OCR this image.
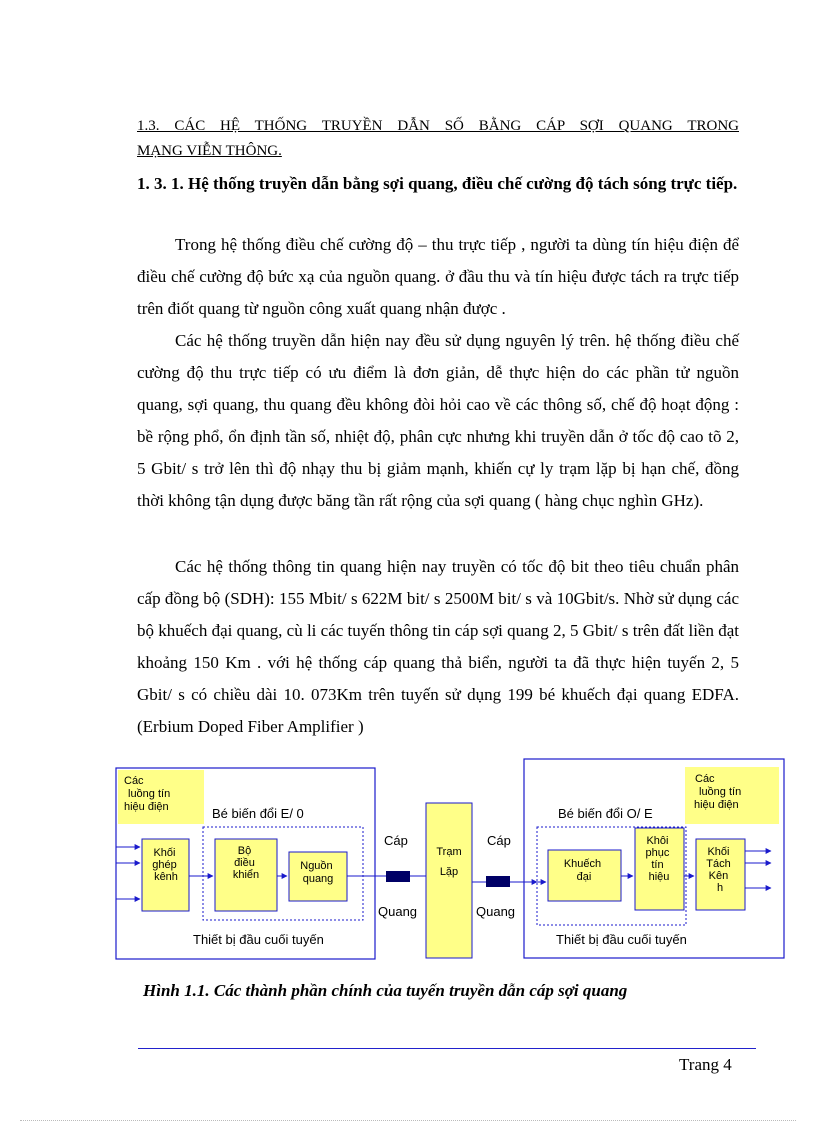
1.3. CÁC HỆ THỐNG TRUYỀN DẪN SỐ BẰNG CÁP SỢI QUANG TRONG
MẠNG VIỄN THÔNG.
1. 3. 1. Hệ thống truyền dẫn bằng sợi quang, điều chế cường độ tách sóng trực tiếp.

Trong hệ thống điều chế cường độ – thu trực tiếp , người ta dùng tín hiệu điện để điều chế cường độ bức xạ của nguồn quang. ở đầu thu và tín hiệu được tách ra trực tiếp trên điốt quang từ nguồn công xuất quang nhận được .

Các hệ thống truyền dẫn hiện nay đều sử dụng nguyên lý trên. hệ thống điều chế cường độ thu trực tiếp có ưu điểm là đơn giản, dễ thực hiện do các phần tử nguồn quang, sợi quang, thu quang đều không đòi hỏi cao về các thông số, chế độ hoạt động : bề rộng phổ, ổn định tần số, nhiệt độ, phân cực nhưng khi truyền dẫn ở tốc độ cao tõ 2, 5 Gbit/ s trở lên thì độ nhạy thu bị giảm mạnh, khiến cự ly trạm lặp bị hạn chế, đồng thời không tận dụng được băng tần rất rộng của sợi quang ( hàng chục nghìn GHz).

Các hệ thống thông tin quang hiện nay truyền có tốc độ bit theo tiêu chuẩn phân cấp đồng bộ (SDH): 155 Mbit/ s 622M bit/ s 2500M bit/ s và 10Gbit/s. Nhờ sử dụng các bộ khuếch đại quang, cù li các tuyến thông tin cáp sợi quang 2, 5 Gbit/ s trên đất liền đạt khoảng 150 Km . với hệ thống cáp quang thả biển, người ta đã thực hiện tuyến 2, 5 Gbit/ s có chiều dài 10. 073Km trên tuyến sử dụng 199 bé khuếch đại quang EDFA. (Erbium Doped Fiber Amplifier )

Các luồng tín hiệu điện	Bé biến đổi E/ 0
Khối ghép kênh
Bộ điều khiển
Nguồn quang
Thiết bị đầu cuối tuyến
Cáp
Quang
Trạm
Lặp
Cáp
Quang
Các luồng tín hiệu điện
Bé biến đổi O/ E
Khuếch đại
Khôi phục tín hiệu
Khối Tách Kên h
Thiết bị đầu cuối tuyến
Hình 1.1. Các thành phần chính của tuyến truyền dẫn cáp sợi quang
Trang 4
